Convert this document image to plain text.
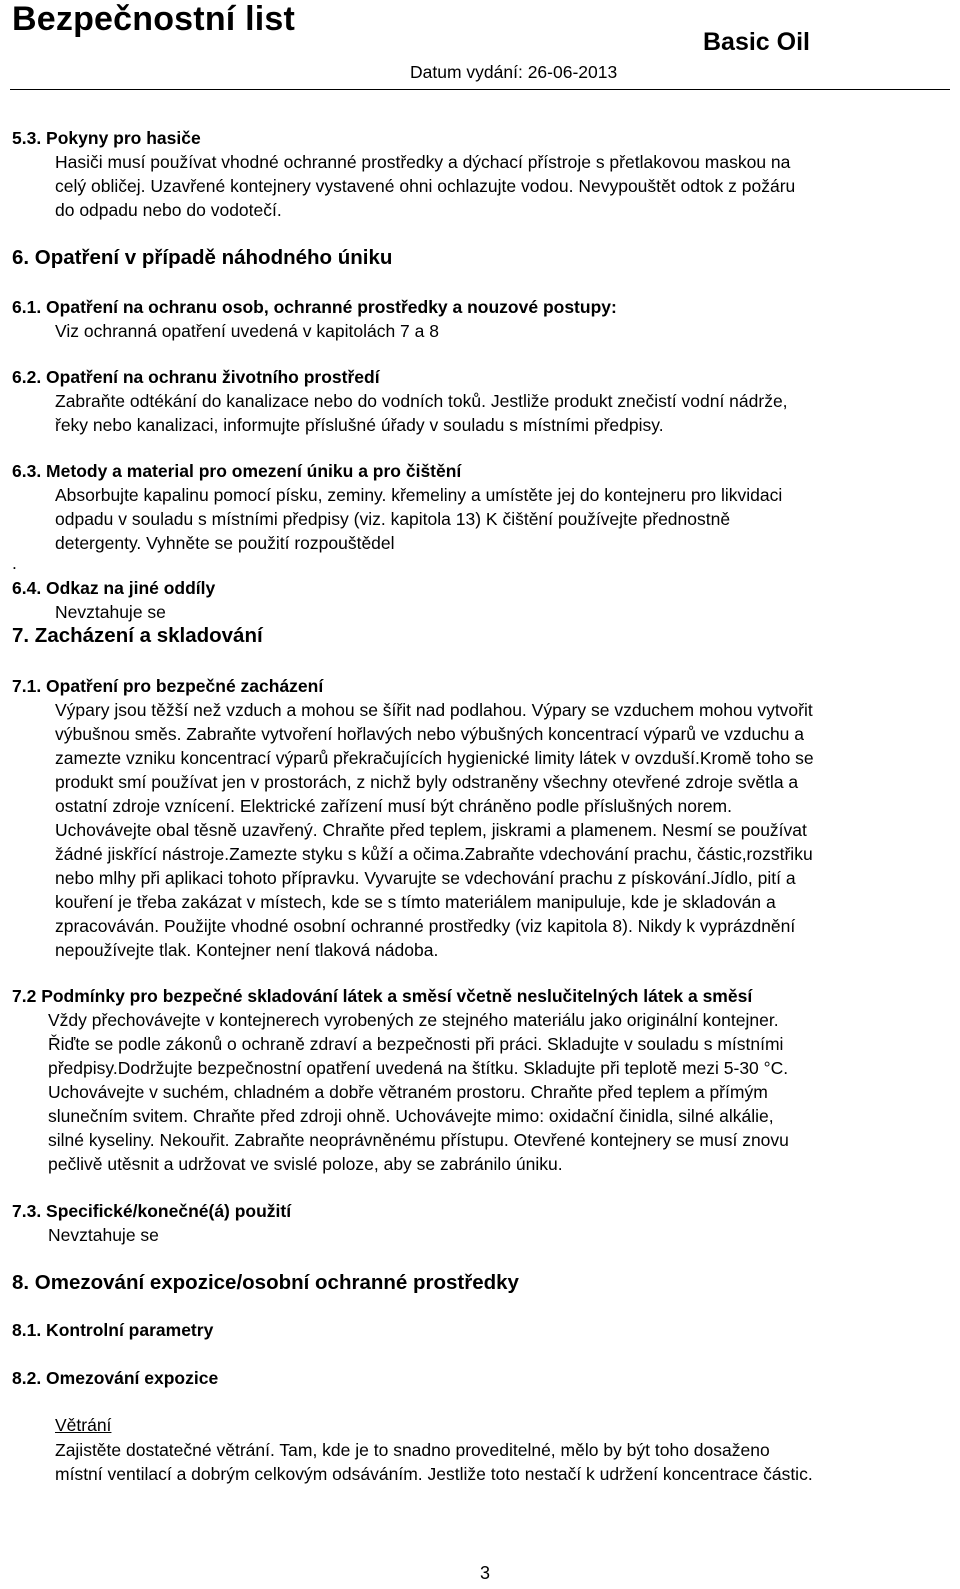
Bezpečnostní list
Basic Oil
Datum vydání: 26-06-2013
5.3. Pokyny pro hasiče
Hasiči musí používat vhodné ochranné prostředky a dýchací přístroje s přetlakovou maskou na
celý obličej. Uzavřené kontejnery vystavené ohni ochlazujte vodou. Nevypouštět odtok z požáru
do odpadu nebo do vodotečí.
6. Opatření v případě náhodného úniku
6.1. Opatření na ochranu osob, ochranné prostředky a nouzové postupy:
Viz ochranná opatření uvedená v kapitolách 7 a 8
6.2. Opatření na ochranu životního prostředí
Zabraňte odtékání do kanalizace nebo do vodních toků. Jestliže produkt znečistí vodní nádrže,
řeky nebo kanalizaci, informujte příslušné úřady v souladu s místními předpisy.
6.3. Metody a material pro omezení úniku a pro čištění
Absorbujte kapalinu pomocí písku, zeminy. křemeliny a umístěte jej do kontejneru pro likvidaci
odpadu v souladu s místními předpisy (viz. kapitola 13) K čištění používejte přednostně
detergenty. Vyhněte se použití rozpouštědel
.
6.4. Odkaz na jiné oddíly
Nevztahuje se
7. Zacházení a skladování
7.1. Opatření pro bezpečné zacházení
Výpary jsou těžší než vzduch a mohou se šířit nad podlahou. Výpary se vzduchem mohou vytvořit
výbušnou směs. Zabraňte vytvoření hořlavých nebo výbušných koncentrací výparů ve vzduchu a
zamezte vzniku koncentrací výparů překračujících hygienické limity látek v ovzduší.Kromě toho se
produkt smí používat jen v prostorách, z nichž byly odstraněny všechny otevřené zdroje světla a
ostatní zdroje vznícení. Elektrické zařízení musí být chráněno podle příslušných norem.
Uchovávejte obal těsně uzavřený. Chraňte před teplem, jiskrami a plamenem. Nesmí se používat
žádné jiskřící nástroje.Zamezte styku s kůží a očima.Zabraňte vdechování prachu, částic,rozstřiku
nebo mlhy při aplikaci tohoto přípravku. Vyvarujte se vdechování prachu z pískování.Jídlo, pití a
kouření je třeba zakázat v místech, kde se s tímto materiálem manipuluje, kde je skladován a
zpracováván. Použijte vhodné osobní ochranné prostředky (viz kapitola 8). Nikdy k vyprázdnění
nepoužívejte tlak. Kontejner není tlaková nádoba.
7.2 Podmínky pro bezpečné skladování látek a směsí včetně neslučitelných látek a směsí
Vždy přechovávejte v kontejnerech vyrobených ze stejného materiálu jako originální kontejner.
Řiďte se podle zákonů o ochraně zdraví a bezpečnosti při práci. Skladujte v souladu s místními
předpisy.Dodržujte bezpečnostní opatření uvedená na štítku. Skladujte při teplotě mezi 5-30 °C.
Uchovávejte v suchém, chladném a dobře větraném prostoru. Chraňte před teplem a přímým
slunečním svitem. Chraňte před zdroji ohně. Uchovávejte mimo: oxidační činidla, silné alkálie,
silné kyseliny. Nekouřit. Zabraňte neoprávněnému přístupu. Otevřené kontejnery se musí znovu
pečlivě utěsnit a udržovat ve svislé poloze, aby se zabránilo úniku.
7.3. Specifické/konečné(á) použití
Nevztahuje se
8. Omezování expozice/osobní ochranné prostředky
8.1. Kontrolní parametry
8.2. Omezování expozice
Větrání
Zajistěte dostatečné větrání. Tam, kde je to snadno proveditelné, mělo by být toho dosaženo
místní ventilací a dobrým celkovým odsáváním. Jestliže toto nestačí k udržení koncentrace částic.
3
